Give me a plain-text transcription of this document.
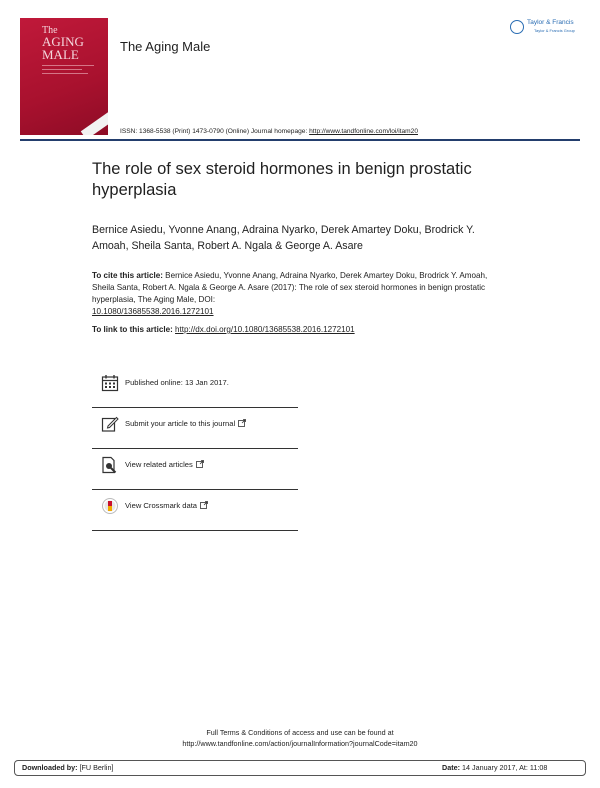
The
AGING
MALE
The Aging Male
Taylor & Francis
Taylor & Francis Group
ISSN: 1368-5538 (Print) 1473-0790 (Online) Journal homepage: http://www.tandfonline.com/loi/itam20
The role of sex steroid hormones in benign prostatic hyperplasia
Bernice Asiedu, Yvonne Anang, Adraina Nyarko, Derek Amartey Doku, Brodrick Y. Amoah, Sheila Santa, Robert A. Ngala & George A. Asare
To cite this article: Bernice Asiedu, Yvonne Anang, Adraina Nyarko, Derek Amartey Doku, Brodrick Y. Amoah, Sheila Santa, Robert A. Ngala & George A. Asare (2017): The role of sex steroid hormones in benign prostatic hyperplasia, The Aging Male, DOI:
10.1080/13685538.2016.1272101
To link to this article: http://dx.doi.org/10.1080/13685538.2016.1272101
Published online: 13 Jan 2017.
Submit your article to this journal
View related articles
View Crossmark data
Full Terms & Conditions of access and use can be found at
http://www.tandfonline.com/action/journalInformation?journalCode=itam20
Downloaded by: [FU Berlin]	Date: 14 January 2017, At: 11:08
